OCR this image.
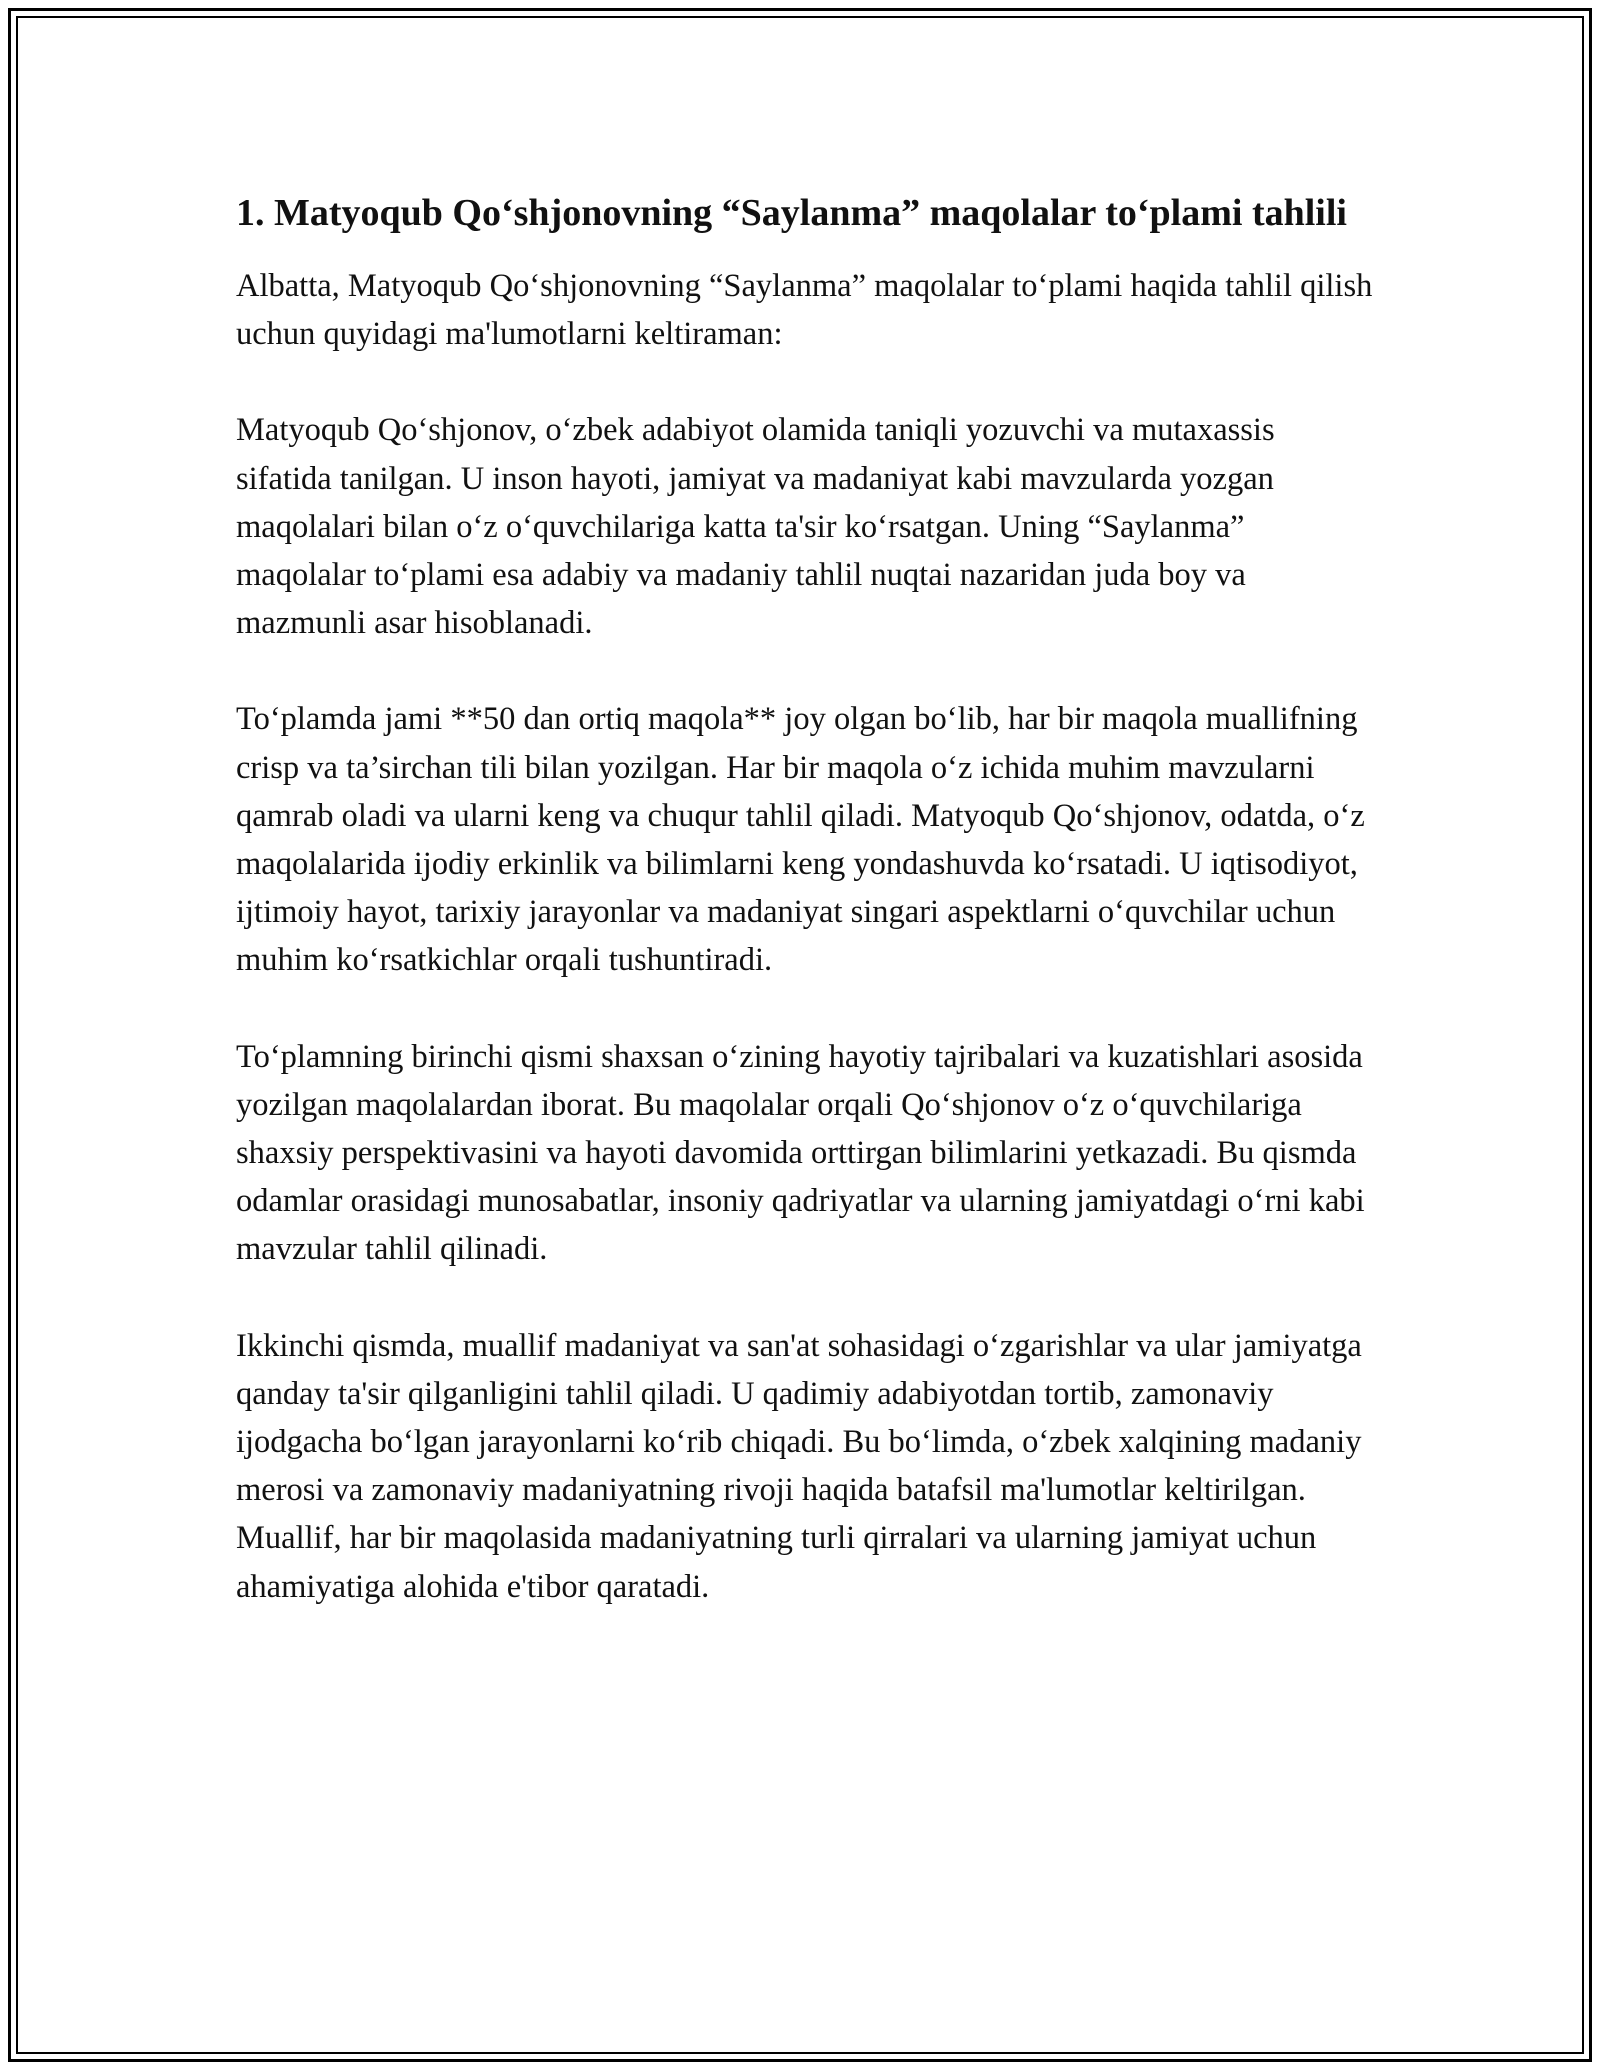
1. Matyoqub Qo‘shjonovning “Saylanma” maqolalar to‘plami tahlili

Albatta, Matyoqub Qo‘shjonovning “Saylanma” maqolalar to‘plami haqida tahlil qilish uchun quyidagi ma'lumotlarni keltiraman:

Matyoqub Qo‘shjonov, o‘zbek adabiyot olamida taniqli yozuvchi va mutaxassis sifatida tanilgan. U inson hayoti, jamiyat va madaniyat kabi mavzularda yozgan maqolalari bilan o‘z o‘quvchilariga katta ta'sir ko‘rsatgan. Uning “Saylanma” maqolalar to‘plami esa adabiy va madaniy tahlil nuqtai nazaridan juda boy va mazmunli asar hisoblanadi.

To‘plamda jami **50 dan ortiq maqola** joy olgan bo‘lib, har bir maqola muallifning crisp va ta’sirchan tili bilan yozilgan. Har bir maqola o‘z ichida muhim mavzularni qamrab oladi va ularni keng va chuqur tahlil qiladi. Matyoqub Qo‘shjonov, odatda, o‘z maqolalarida ijodiy erkinlik va bilimlarni keng yondashuvda ko‘rsatadi. U iqtisodiyot, ijtimoiy hayot, tarixiy jarayonlar va madaniyat singari aspektlarni o‘quvchilar uchun muhim ko‘rsatkichlar orqali tushuntiradi.

To‘plamning birinchi qismi shaxsan o‘zining hayotiy tajribalari va kuzatishlari asosida yozilgan maqolalardan iborat. Bu maqolalar orqali Qo‘shjonov o‘z o‘quvchilariga shaxsiy perspektivasini va hayoti davomida orttirgan bilimlarini yetkazadi. Bu qismda odamlar orasidagi munosabatlar, insoniy qadriyatlar va ularning jamiyatdagi o‘rni kabi mavzular tahlil qilinadi.

Ikkinchi qismda, muallif madaniyat va san'at sohasidagi o‘zgarishlar va ular jamiyatga qanday ta'sir qilganligini tahlil qiladi. U qadimiy adabiyotdan tortib, zamonaviy ijodgacha bo‘lgan jarayonlarni ko‘rib chiqadi. Bu bo‘limda, o‘zbek xalqining madaniy merosi va zamonaviy madaniyatning rivoji haqida batafsil ma'lumotlar keltirilgan. Muallif, har bir maqolasida madaniyatning turli qirralari va ularning jamiyat uchun ahamiyatiga alohida e'tibor qaratadi.
